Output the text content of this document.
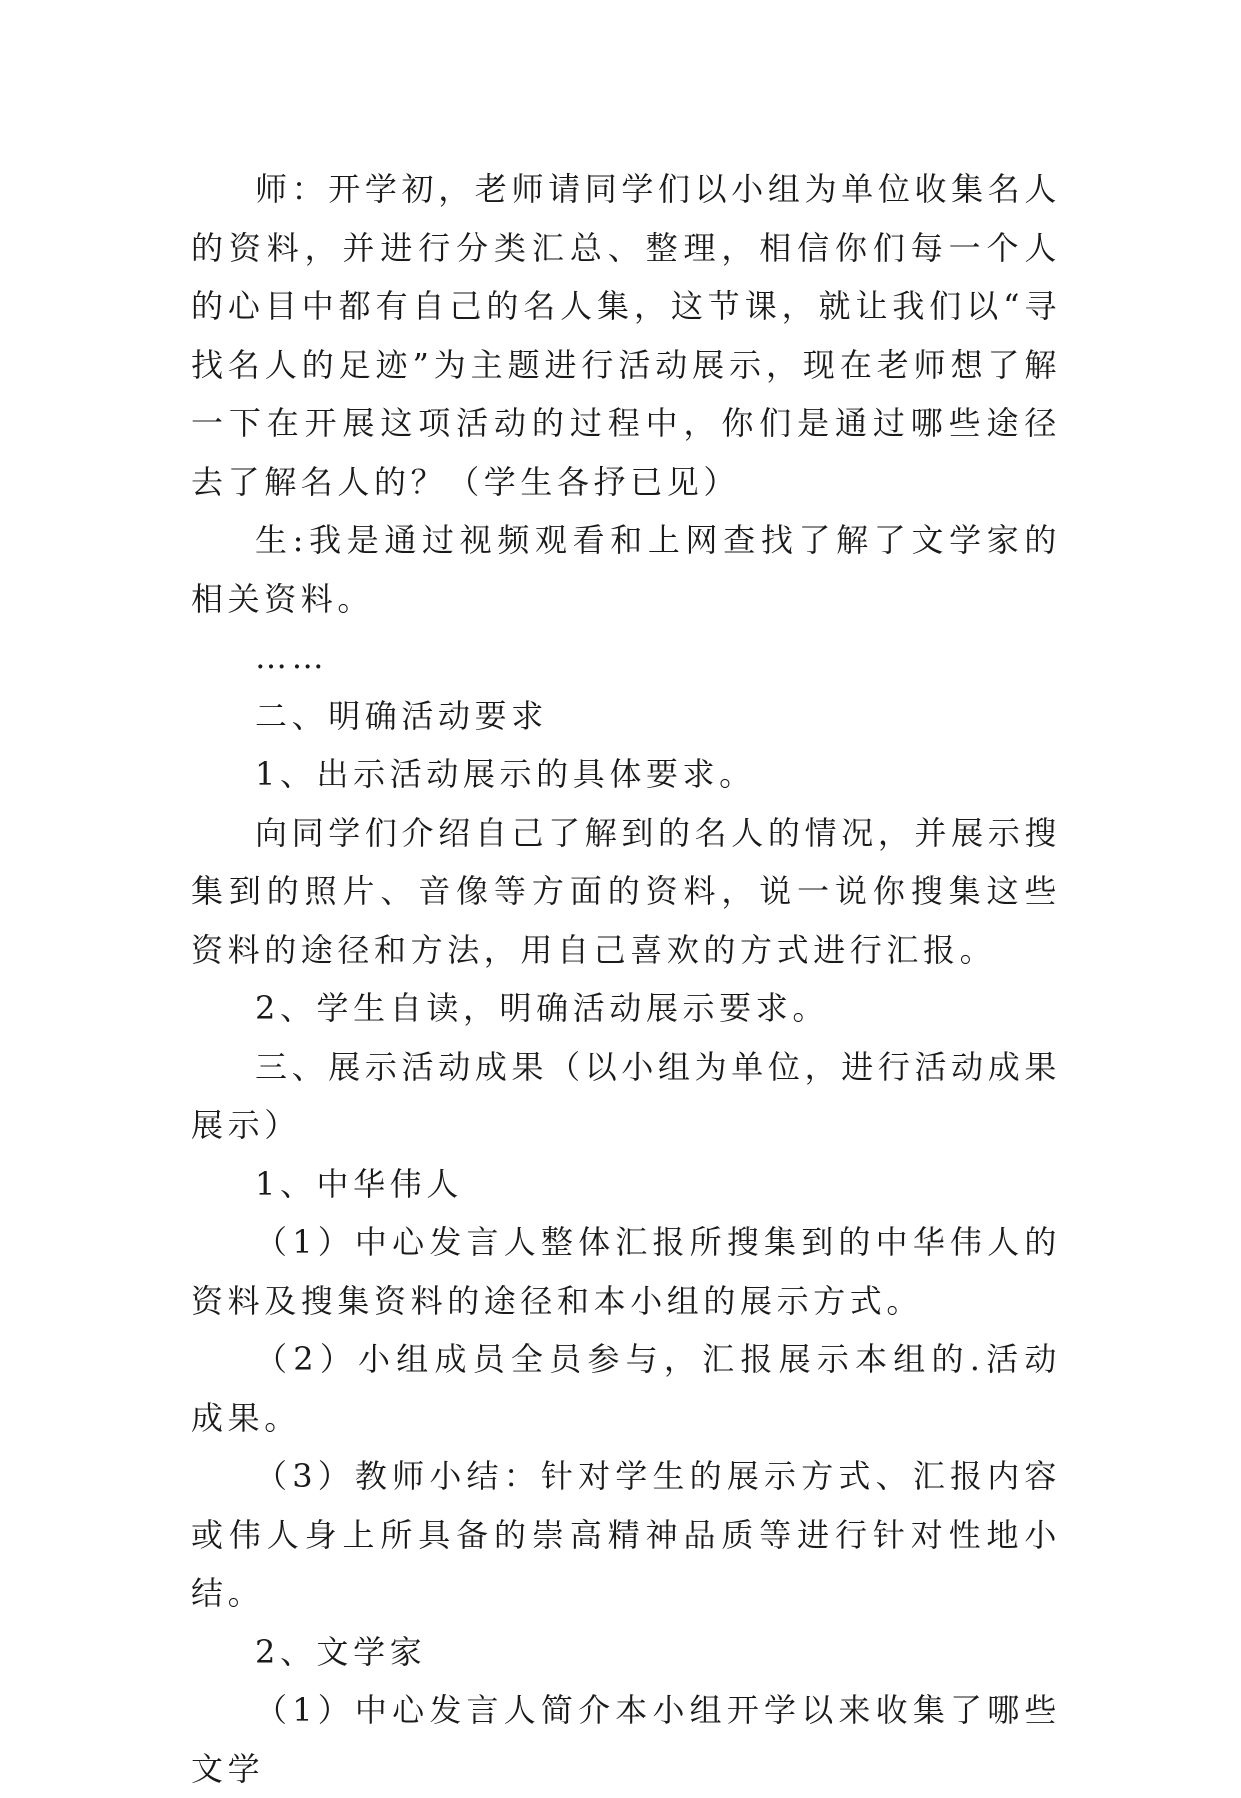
师：开学初，老师请同学们以小组为单位收集名人的资料，并进行分类汇总、整理，相信你们每一个人的心目中都有自己的名人集，这节课，就让我们以“寻找名人的足迹”为主题进行活动展示，现在老师想了解一下在开展这项活动的过程中，你们是通过哪些途径去了解名人的？（学生各抒已见）

生:我是通过视频观看和上网查找了解了文学家的相关资料。

……

二、明确活动要求

1、出示活动展示的具体要求。

向同学们介绍自己了解到的名人的情况，并展示搜集到的照片、音像等方面的资料，说一说你搜集这些资料的途径和方法，用自己喜欢的方式进行汇报。

2、学生自读，明确活动展示要求。

三、展示活动成果（以小组为单位，进行活动成果展示）

1、中华伟人

（1）中心发言人整体汇报所搜集到的中华伟人的资料及搜集资料的途径和本小组的展示方式。

（2）小组成员全员参与，汇报展示本组的.活动成果。

（3）教师小结：针对学生的展示方式、汇报内容或伟人身上所具备的崇高精神品质等进行针对性地小结。

2、文学家

（1）中心发言人简介本小组开学以来收集了哪些文学
